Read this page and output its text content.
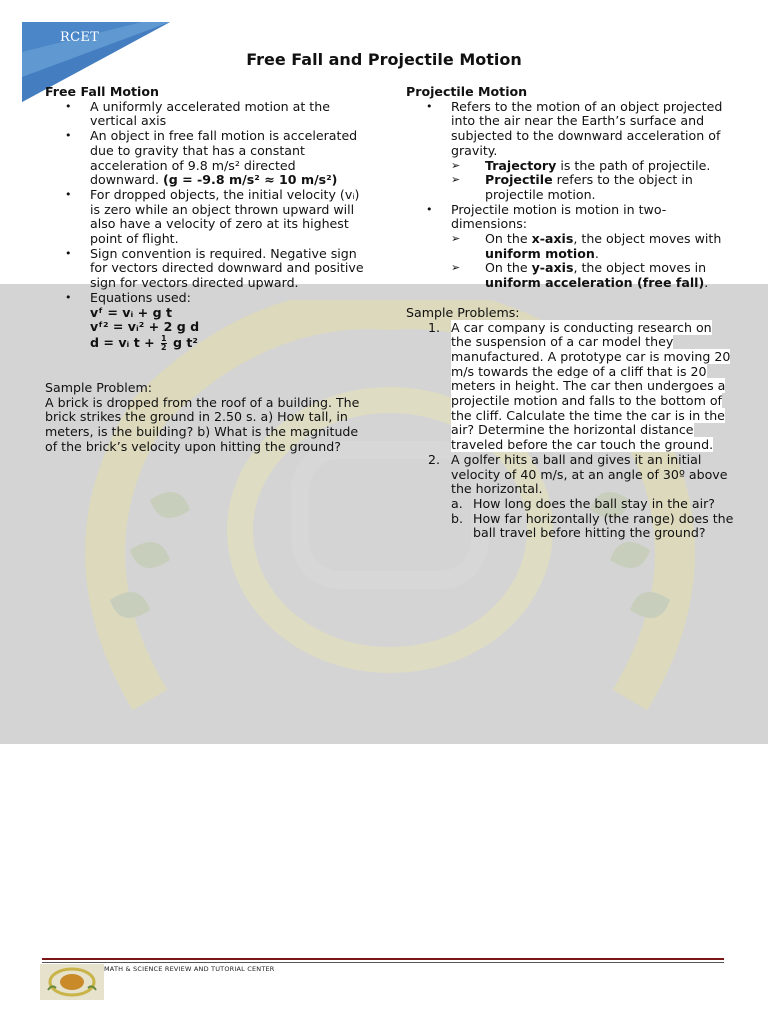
RCET
Free Fall and Projectile Motion

Free Fall Motion

• A uniformly accelerated motion at the vertical axis
• An object in free fall motion is accelerated due to gravity that has a constant acceleration of 9.8 m/s² directed downward. (g = -9.8 m/s² ≈ 10 m/s²)
• For dropped objects, the initial velocity (vᵢ) is zero while an object thrown upward will also have a velocity of zero at its highest point of flight.
• Sign convention is required. Negative sign for vectors directed downward and positive sign for vectors directed upward.
• Equations used:
vᶠ = vᵢ + g t
vᶠ² = vᵢ² + 2 g d
d = vᵢ $t + \frac{1}{2}$ g t²

Sample Problem:

A brick is dropped from the roof of a building. The brick strikes the ground in 2.50 s. a) How tall, in meters, is the building? b) What is the magnitude of the brick’s velocity upon hitting the ground?

Projectile Motion

• Refers to the motion of an object projected into the air near the Earth’s surface and subjected to the downward acceleration of gravity.
➢ Trajectory is the path of projectile.
➢ Projectile refers to the object in projectile motion.
• Projectile motion is motion in two-dimensions:
➢ On the x-axis, the object moves with uniform motion.
➢ On the y-axis, the object moves in uniform acceleration (free fall).

Sample Problems:

1. A car company is conducting research on the suspension of a car model they manufactured. A prototype car is moving 20 m/s towards the edge of a cliff that is 20 meters in height. The car then undergoes a projectile motion and falls to the bottom of the cliff. Calculate the time the car is in the air? Determine the horizontal distance traveled before the car touch the ground.
2. A golfer hits a ball and gives it an initial velocity of 40 m/s, at an angle of 30º above the horizontal.
a. How long does the ball stay in the air?
b. How far horizontally (the range) does the ball travel before hitting the ground?
MATH & SCIENCE REVIEW AND TUTORIAL CENTER
